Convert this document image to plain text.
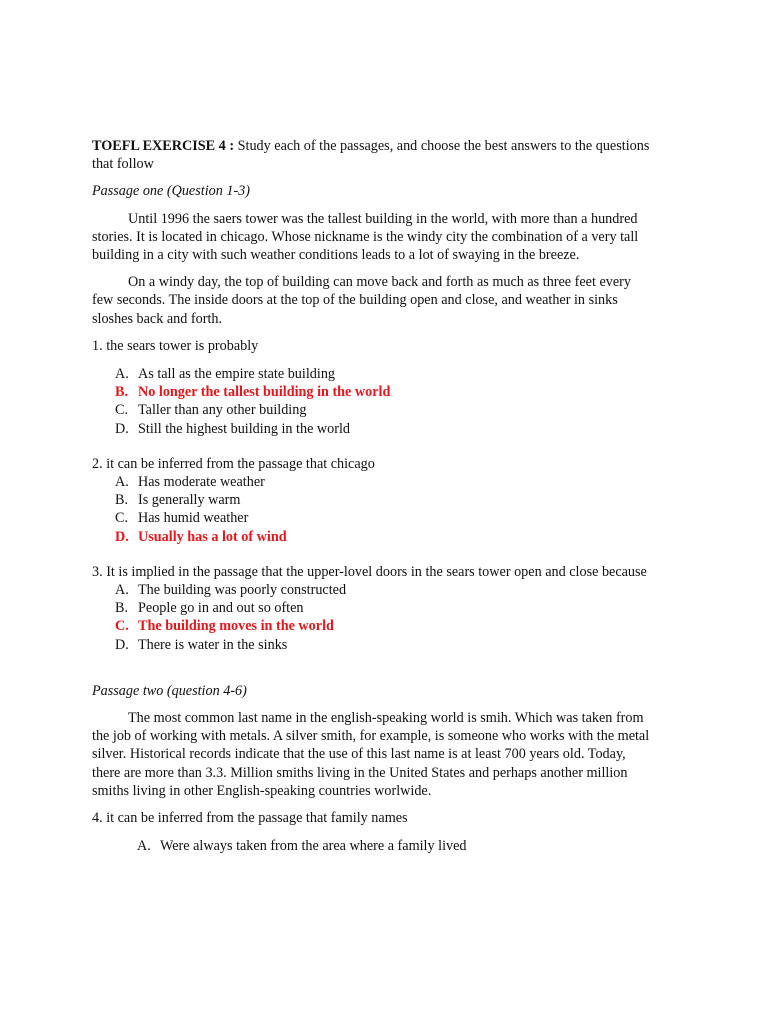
TOEFL EXERCISE 4 : Study each of the passages, and choose the best answers to the questions that follow

Passage one (Question 1-3)

Until 1996 the saers tower was the tallest building in the world, with more than a hundred stories. It is located in chicago. Whose nickname is the windy city the combination of a very tall building in a city with such weather conditions leads to a lot of swaying in the breeze.

On a windy day, the top of building can move back and forth as much as three feet every few seconds. The inside doors at the top of the building open and close, and weather in sinks sloshes back and forth.

1. the sears tower is probably

A. As tall as the empire state building
B. No longer the tallest building in the world
C. Taller than any other building
D. Still the highest building in the world

2. it can be inferred from the passage that chicago

A. Has moderate weather
B. Is generally warm
C. Has humid weather
D. Usually has a lot of wind

3. It is implied in the passage that the upper-lovel doors in the sears tower open and close because

A. The building was poorly constructed
B. People go in and out so often
C. The building moves in the world
D. There is water in the sinks

Passage two (question 4-6)

The most common last name in the english-speaking world is smih. Which was taken from the job of working with metals. A silver smith, for example, is someone who works with the metal silver. Historical records indicate that the use of this last name is at least 700 years old. Today, there are more than 3.3. Million smiths living in the United States and perhaps another million smiths living in other English-speaking countries worlwide.

4. it can be inferred from the passage that family names

A. Were always taken from the area where a family lived
